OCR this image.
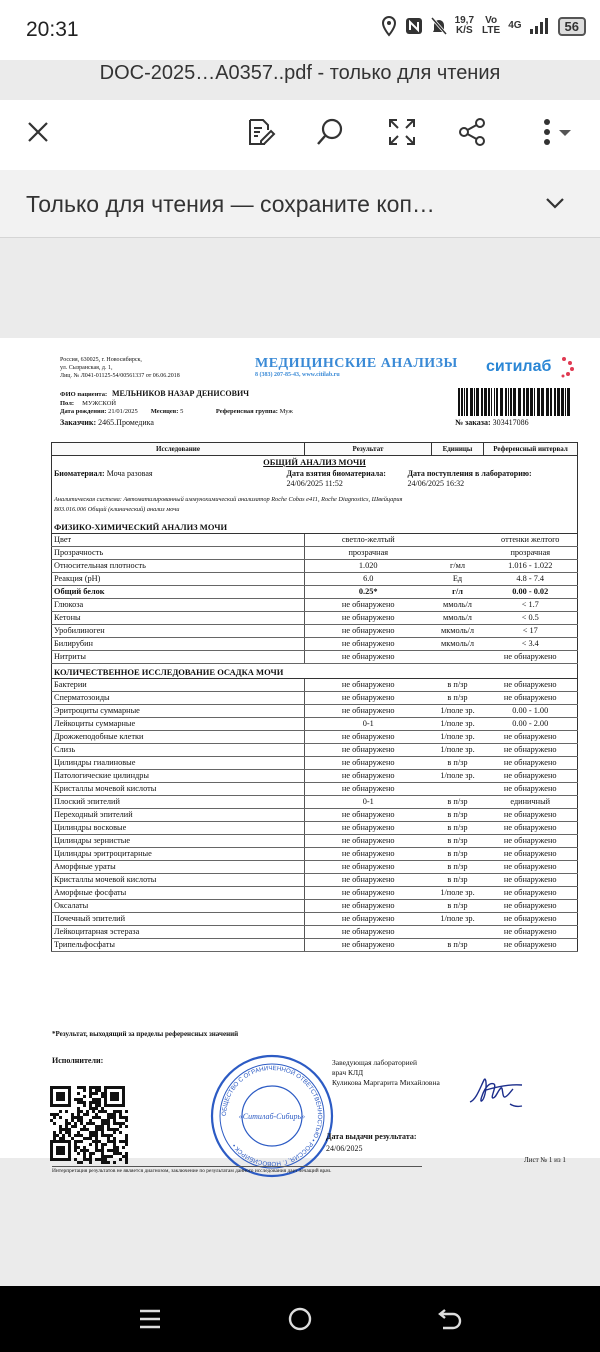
20:31	19,7
K/S
Vo
LTE 4G	56
DOC-2025…A0357..pdf - только для чтения
Только для чтения — сохраните коп…
Россия, 630025, г. Новосибирск,
ул. Сызранская, д. 1,
Лиц. № Л041-01125-54/00561337 от 06.06.2018
МЕДИЦИНСКИЕ АНАЛИЗЫ
8 (383) 207-85-43, www.citilab.ru	ситилаб
ФИО пациента: МЕЛЬНИКОВ НАЗАР ДЕНИСОВИЧ
Пол: МУЖСКОЙ
Дата рождения: 21/01/2025 Месяцев: 5	Референсная группа: Муж
Заказчик: 2465.Промедика	№ заказа: 303417086
Исследование	Результат	Единицы	Референсный интервал
ОБЩИЙ АНАЛИЗ МОЧИ			
Биоматериал: Моча разовая	Дата взятия биоматериала:
24/06/2025 11:52		Дата поступления в лабораторию:
24/06/2025 16:32
Аналитическая система: Автоматизированный иммунохимический анализатор Roche Cobas e411, Roche Diagnostics, Швейцария
В03.016.006 Общий (клинический) анализ мочи			
ФИЗИКО-ХИМИЧЕСКИЙ АНАЛИЗ МОЧИ			
Цвет	светло-желтый		оттенки желтого
Прозрачность	прозрачная		прозрачная
Относительная плотность	1.020	г/мл	1.016 - 1.022
Реакция (pH)	6.0	Ед	4.8 - 7.4
Общий белок	0.25*	г/л	0.00 - 0.02
Глюкоза	не обнаружено	ммоль/л	< 1.7
Кетоны	не обнаружено	ммоль/л	< 0.5
Уробилиноген	не обнаружено	мкмоль/л	< 17
Билирубин	не обнаружено	мкмоль/л	< 3.4
Нитриты	не обнаружено		не обнаружено
КОЛИЧЕСТВЕННОЕ ИССЛЕДОВАНИЕ ОСАДКА МОЧИ			
Бактерии	не обнаружено	в п/зр	не обнаружено
Сперматозоиды	не обнаружено	в п/зр	не обнаружено
Эритроциты суммарные	не обнаружено	1/поле зр.	0.00 - 1.00
Лейкоциты суммарные	0-1	1/поле зр.	0.00 - 2.00
Дрожжеподобные клетки	не обнаружено	1/поле зр.	не обнаружено
Слизь	не обнаружено	1/поле зр.	не обнаружено
Цилиндры гиалиновые	не обнаружено	в п/зр	не обнаружено
Патологические цилиндры	не обнаружено	1/поле зр.	не обнаружено
Кристаллы мочевой кислоты	не обнаружено		не обнаружено
Плоский эпителий	0-1	в п/зр	единичный
Переходный эпителий	не обнаружено	в п/зр	не обнаружено
Цилиндры восковые	не обнаружено	в п/зр	не обнаружено
Цилиндры зернистые	не обнаружено	в п/зр	не обнаружено
Цилиндры эритроцитарные	не обнаружено	в п/зр	не обнаружено
Аморфные ураты	не обнаружено	в п/зр	не обнаружено
Кристаллы мочевой кислоты	не обнаружено	в п/зр	не обнаружено
Аморфные фосфаты	не обнаружено	1/поле зр.	не обнаружено
Оксалаты	не обнаружено	в п/зр	не обнаружено
Почечный эпителий	не обнаружено	1/поле зр.	не обнаружено
Лейкоцитарная эстераза	не обнаружено		не обнаружено
Трипельфосфаты	не обнаружено	в п/зр	не обнаружено
*Результат, выходящий за пределы референсных значений
Исполнители:
ОБЩЕСТВО С ОГРАНИЧЕННОЙ ОТВЕТСТВЕННОСТЬЮ • РОССИЯ, Г. НОВОСИБИРСК •
«Ситилаб-Сибирь»
Заведующая лабораторией
врач КЛД
Куликова Маргарита Михайловна
Дата выдачи результата:
24/06/2025
Лист № 1 из 1
Интерпретация результатов не является диагнозом, заключение по результатам данного исследования дает лечащий врач.
